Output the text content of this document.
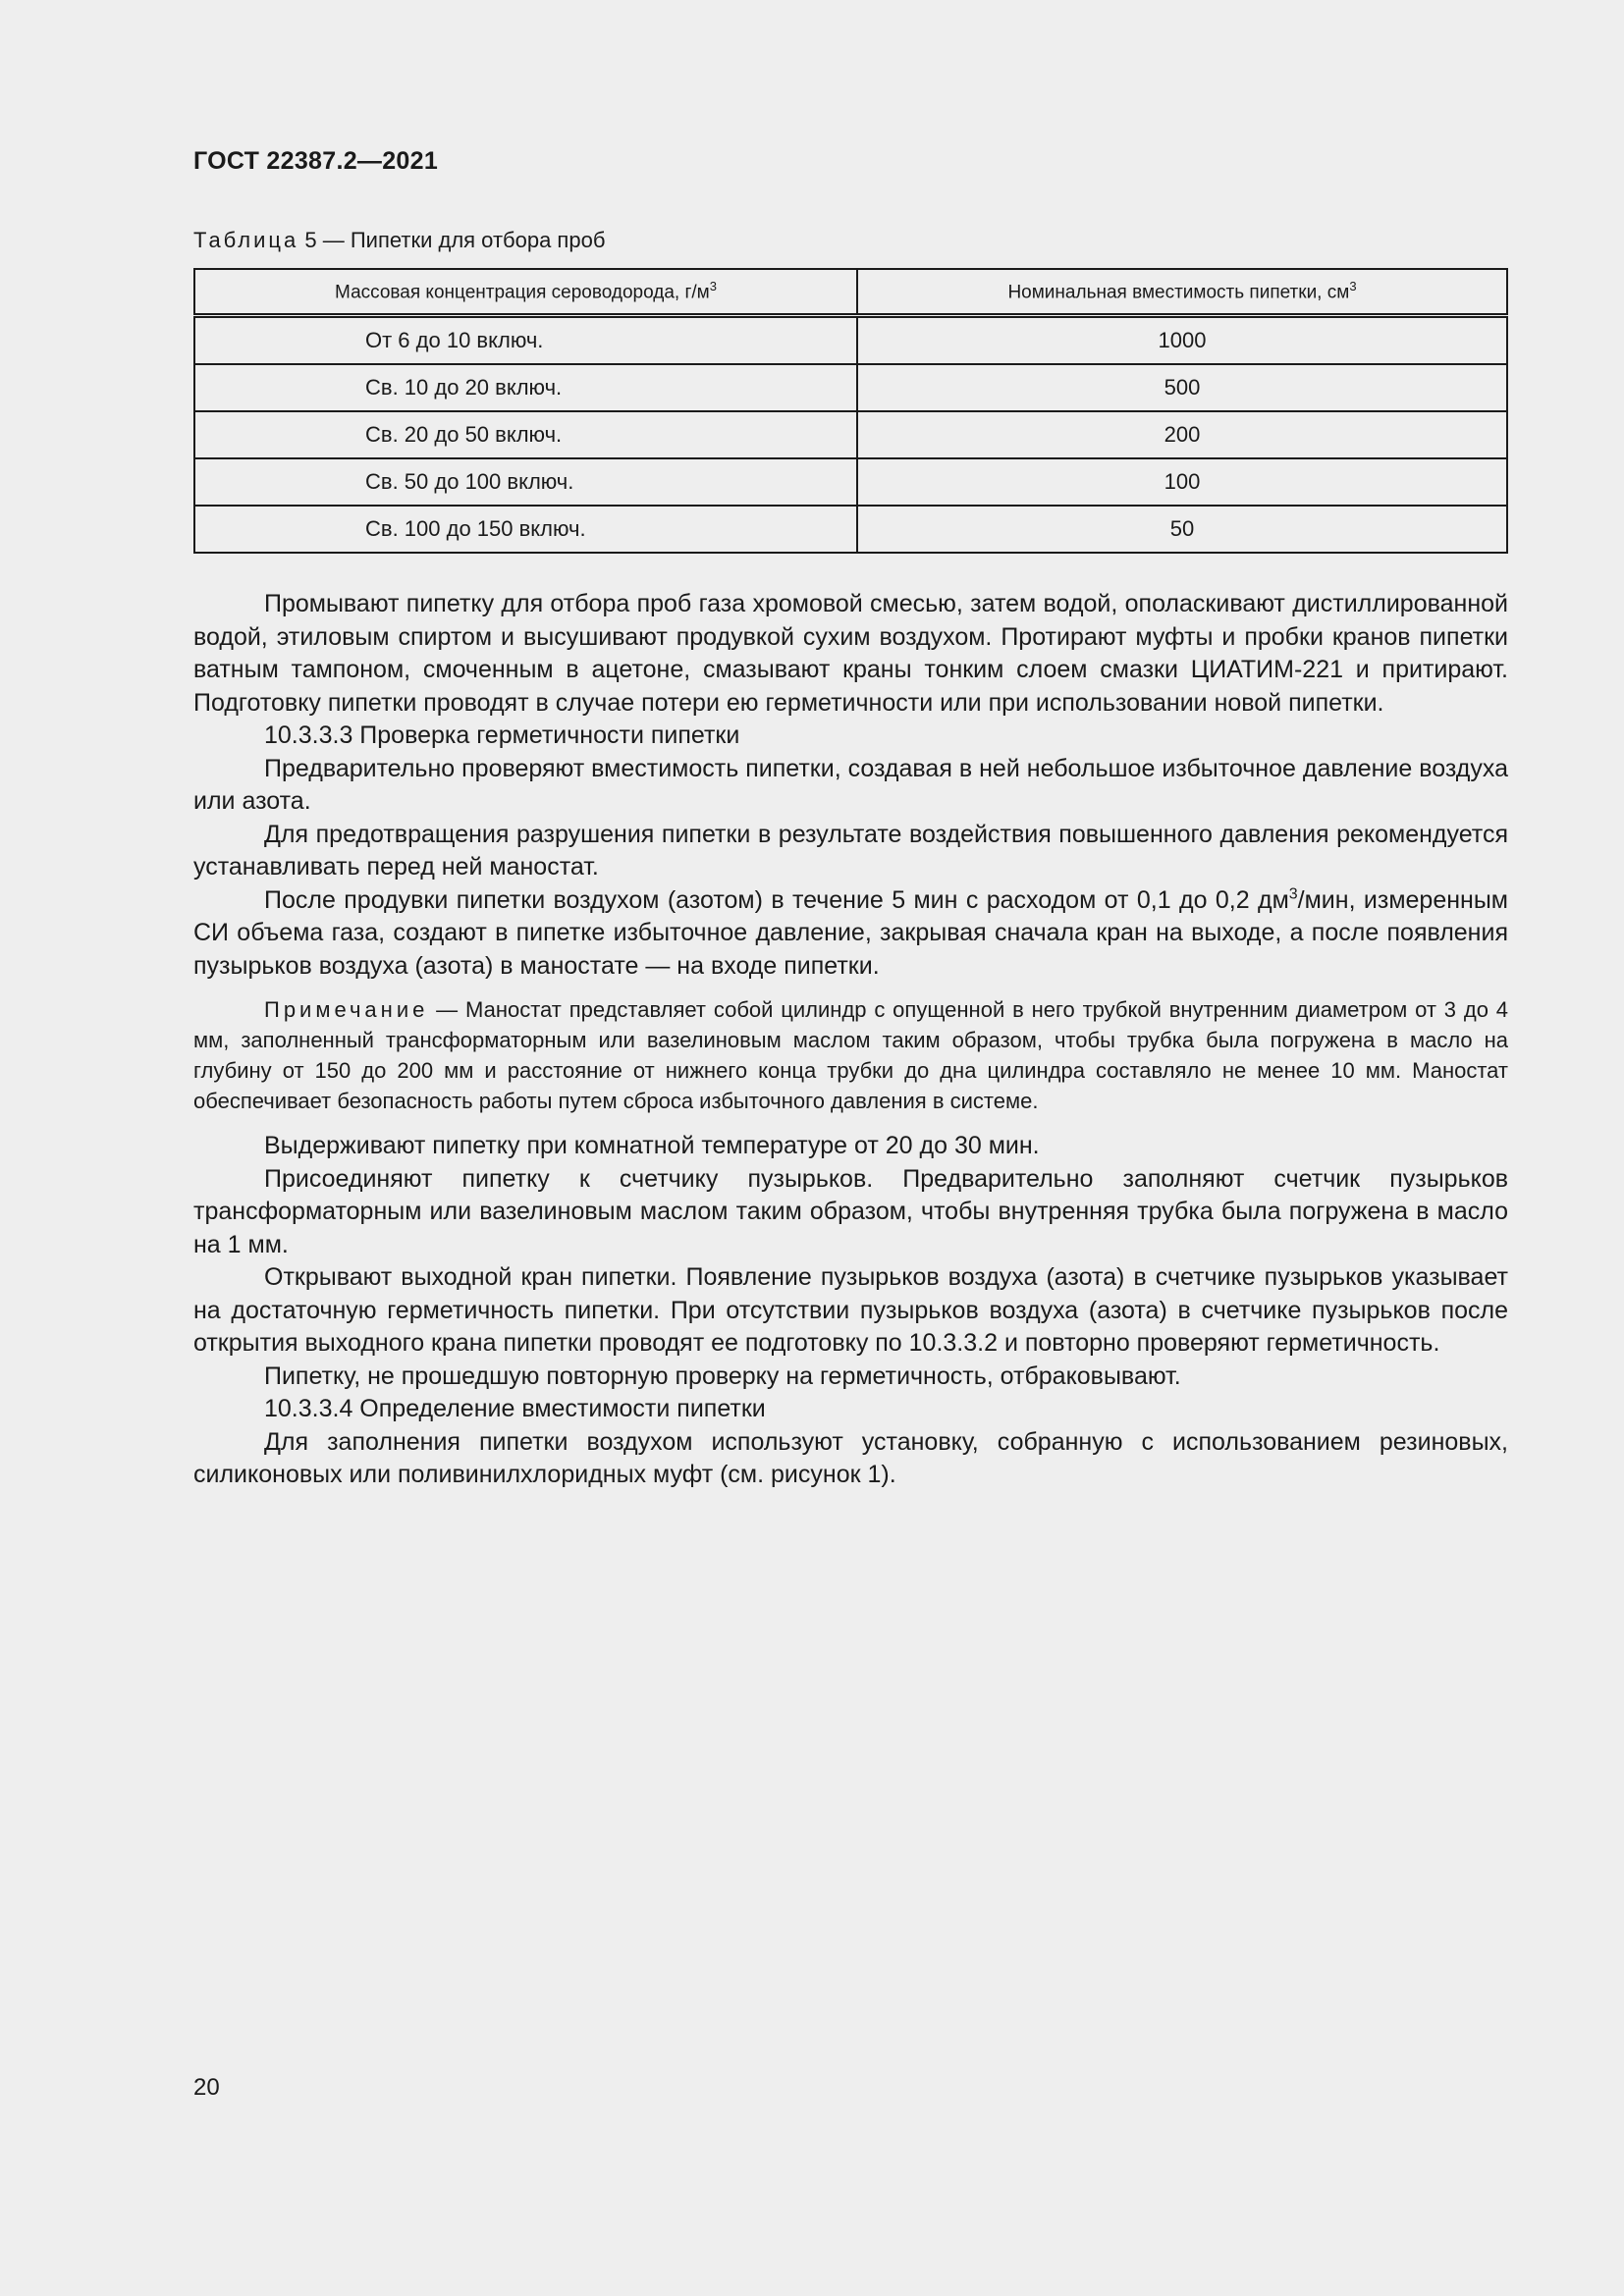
ГОСТ 22387.2—2021
Таблица 5 — Пипетки для отбора проб
Массовая концентрация сероводорода, $г/м^3$	Номинальная вместимость пипетки, $см^3$
От 6 до 10 включ.	1000
Св. 10 до 20 включ.	500
Св. 20 до 50 включ.	200
Св. 50 до 100 включ.	100
Св. 100 до 150 включ.	50

Промывают пипетку для отбора проб газа хромовой смесью, затем водой, ополаскивают дистиллированной водой, этиловым спиртом и высушивают продувкой сухим воздухом. Протирают муфты и пробки кранов пипетки ватным тампоном, смоченным в ацетоне, смазывают краны тонким слоем смазки ЦИАТИМ-221 и притирают. Подготовку пипетки проводят в случае потери ею герметичности или при использовании новой пипетки.

10.3.3.3 Проверка герметичности пипетки

Предварительно проверяют вместимость пипетки, создавая в ней небольшое избыточное давление воздуха или азота.

Для предотвращения разрушения пипетки в результате воздействия повышенного давления рекомендуется устанавливать перед ней маностат.

После продувки пипетки воздухом (азотом) в течение 5 мин с расходом от 0,1 до 0,2 $дм^3$/мин, измеренным СИ объема газа, создают в пипетке избыточное давление, закрывая сначала кран на выходе, а после появления пузырьков воздуха (азота) в маностате — на входе пипетки.

Примечание — Маностат представляет собой цилиндр с опущенной в него трубкой внутренним диаметром от 3 до 4 мм, заполненный трансформаторным или вазелиновым маслом таким образом, чтобы трубка была погружена в масло на глубину от 150 до 200 мм и расстояние от нижнего конца трубки до дна цилиндра составляло не менее 10 мм. Маностат обеспечивает безопасность работы путем сброса избыточного давления в системе.

Выдерживают пипетку при комнатной температуре от 20 до 30 мин.

Присоединяют пипетку к счетчику пузырьков. Предварительно заполняют счетчик пузырьков трансформаторным или вазелиновым маслом таким образом, чтобы внутренняя трубка была погружена в масло на 1 мм.

Открывают выходной кран пипетки. Появление пузырьков воздуха (азота) в счетчике пузырьков указывает на достаточную герметичность пипетки. При отсутствии пузырьков воздуха (азота) в счетчике пузырьков после открытия выходного крана пипетки проводят ее подготовку по 10.3.3.2 и повторно проверяют герметичность.

Пипетку, не прошедшую повторную проверку на герметичность, отбраковывают.

10.3.3.4 Определение вместимости пипетки

Для заполнения пипетки воздухом используют установку, собранную с использованием резиновых, силиконовых или поливинилхлоридных муфт (см. рисунок 1).

20
